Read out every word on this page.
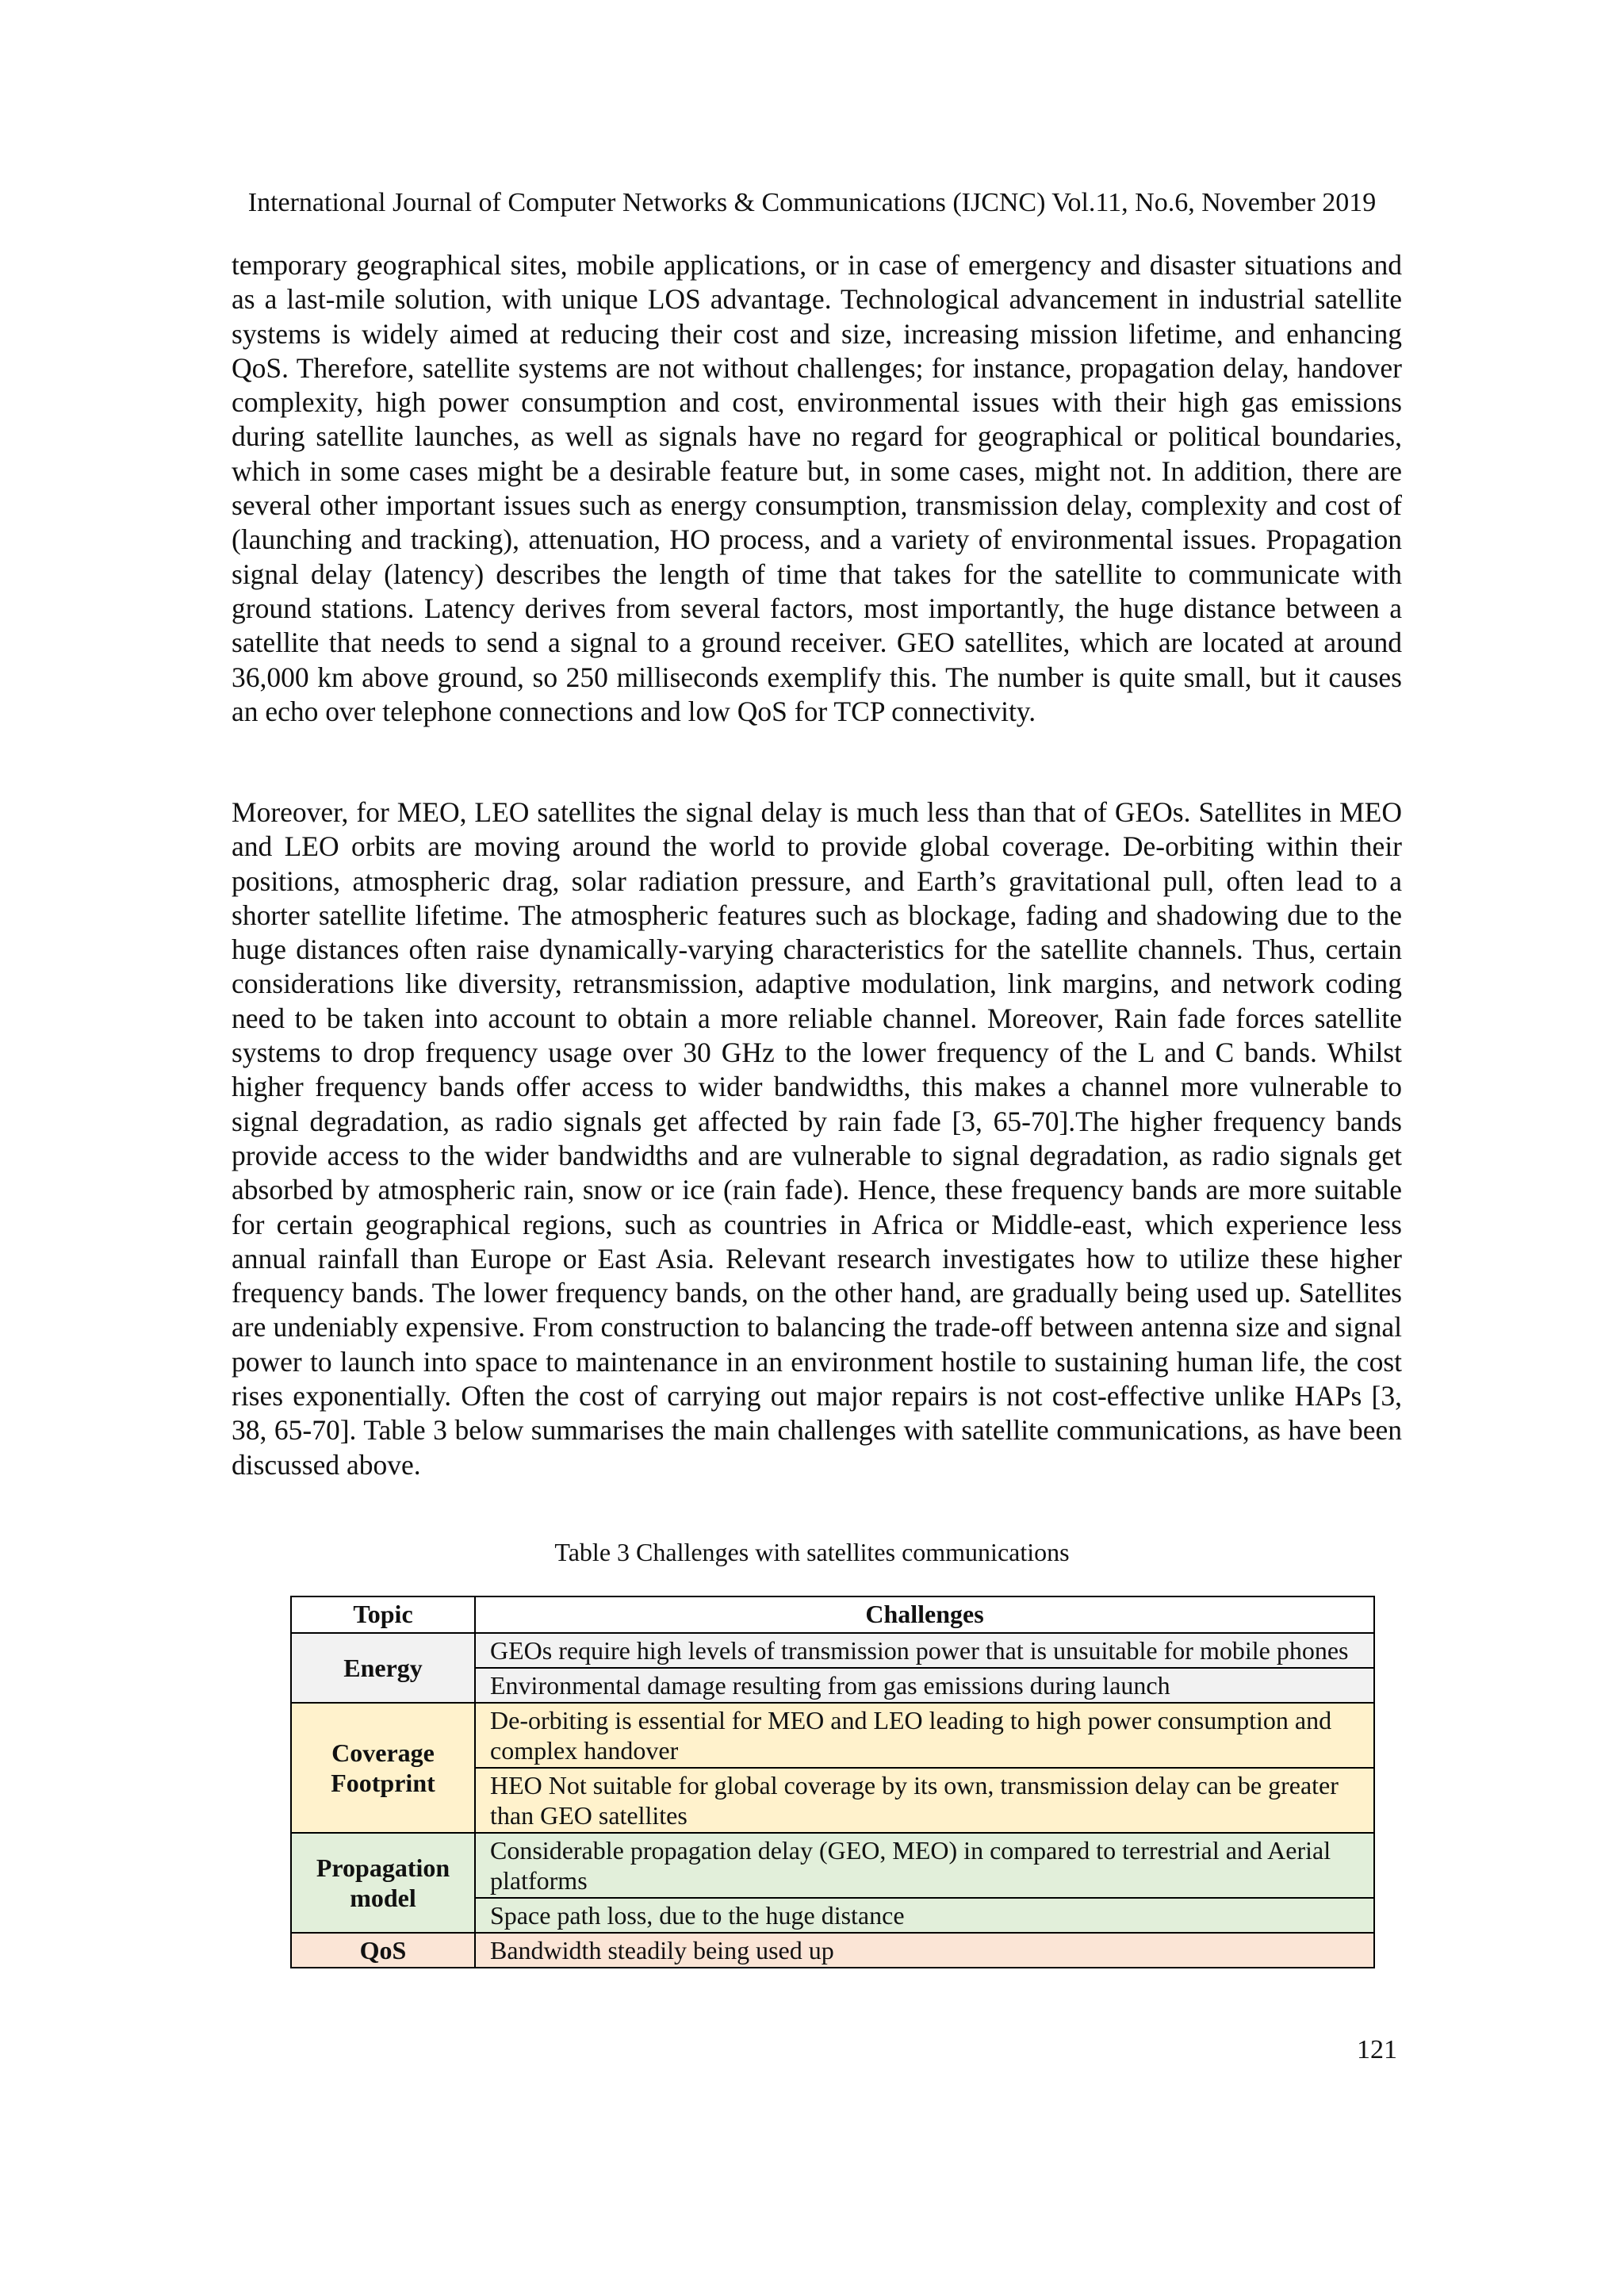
International Journal of Computer Networks & Communications (IJCNC) Vol.11, No.6, November 2019

temporary geographical sites, mobile applications, or in case of emergency and disaster situations and as a last-mile solution, with unique LOS advantage. Technological advancement in industrial satellite systems is widely aimed at reducing their cost and size, increasing mission lifetime, and enhancing QoS. Therefore, satellite systems are not without challenges; for instance, propagation delay, handover complexity, high power consumption and cost, environmental issues with their high gas emissions during satellite launches, as well as signals have no regard for geographical or political boundaries, which in some cases might be a desirable feature but, in some cases, might not. In addition, there are several other important issues such as energy consumption, transmission delay, complexity and cost of (launching and tracking), attenuation, HO process, and a variety of environmental issues. Propagation signal delay (latency) describes the length of time that takes for the satellite to communicate with ground stations. Latency derives from several factors, most importantly, the huge distance between a satellite that needs to send a signal to a ground receiver. GEO satellites, which are located at around 36,000 km above ground, so 250 milliseconds exemplify this. The number is quite small, but it causes an echo over telephone connections and low QoS for TCP connectivity.

Moreover, for MEO, LEO satellites the signal delay is much less than that of GEOs. Satellites in MEO and LEO orbits are moving around the world to provide global coverage. De-orbiting within their positions, atmospheric drag, solar radiation pressure, and Earth’s gravitational pull, often lead to a shorter satellite lifetime. The atmospheric features such as blockage, fading and shadowing due to the huge distances often raise dynamically-varying characteristics for the satellite channels. Thus, certain considerations like diversity, retransmission, adaptive modulation, link margins, and network coding need to be taken into account to obtain a more reliable channel. Moreover, Rain fade forces satellite systems to drop frequency usage over 30 GHz to the lower frequency of the L and C bands. Whilst higher frequency bands offer access to wider bandwidths, this makes a channel more vulnerable to signal degradation, as radio signals get affected by rain fade [3, 65-70].The higher frequency bands provide access to the wider bandwidths and are vulnerable to signal degradation, as radio signals get absorbed by atmospheric rain, snow or ice (rain fade). Hence, these frequency bands are more suitable for certain geographical regions, such as countries in Africa or Middle-east, which experience less annual rainfall than Europe or East Asia. Relevant research investigates how to utilize these higher frequency bands. The lower frequency bands, on the other hand, are gradually being used up. Satellites are undeniably expensive. From construction to balancing the trade-off between antenna size and signal power to launch into space to maintenance in an environment hostile to sustaining human life, the cost rises exponentially. Often the cost of carrying out major repairs is not cost-effective unlike HAPs [3, 38, 65-70]. Table 3 below summarises the main challenges with satellite communications, as have been discussed above.

Table 3 Challenges with satellites communications
Topic	Challenges
Energy	GEOs require high levels of transmission power that is unsuitable for mobile phones
	Environmental damage resulting from gas emissions during launch
Coverage Footprint	De-orbiting is essential for MEO and LEO leading to high power consumption and complex handover
	HEO Not suitable for global coverage by its own, transmission delay can be greater than GEO satellites
Propagation model	Considerable propagation delay (GEO, MEO) in compared to terrestrial and Aerial platforms
	Space path loss, due to the huge distance
QoS	Bandwidth steadily being used up
121
